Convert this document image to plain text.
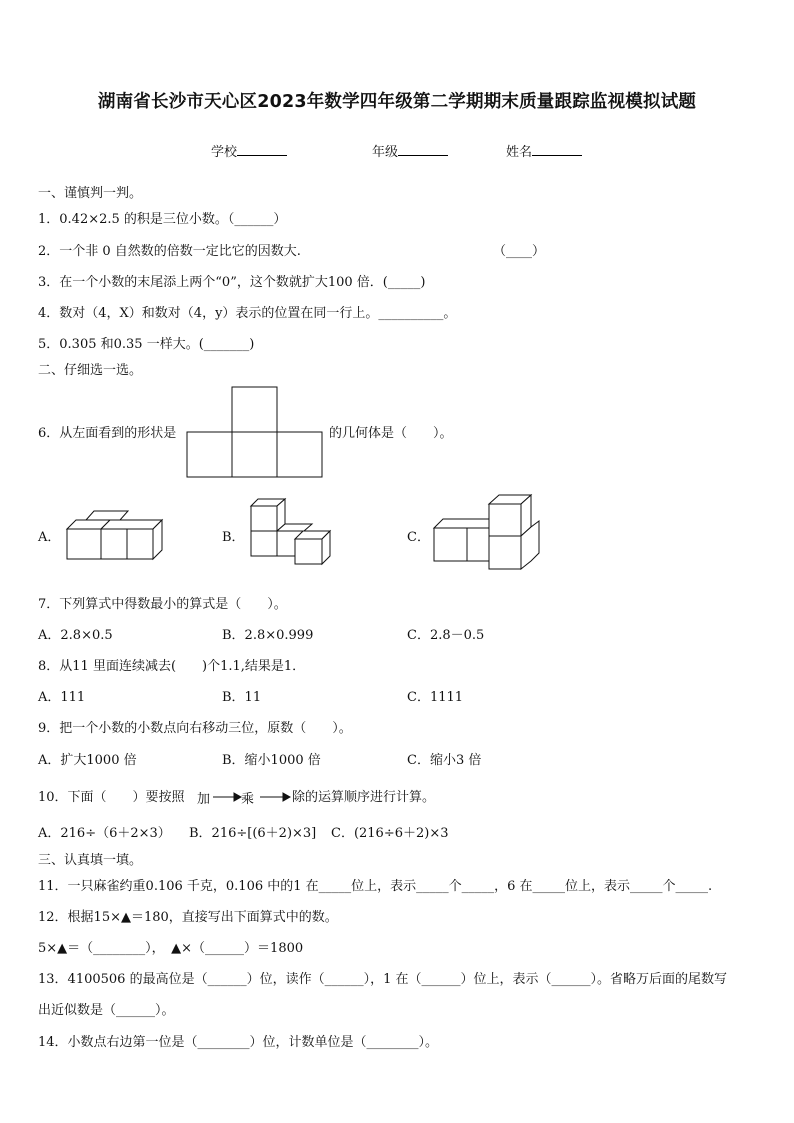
湖南省长沙市天心区2023年数学四年级第二学期期末质量跟踪监视模拟试题
学校	年级	姓名
一、谨慎判一判。
1．0.42×2.5 的积是三位小数。（______）
2．一个非 0 自然数的倍数一定比它的因数大.	（____）
3．在一个小数的末尾添上两个“0”，这个数就扩大100 倍．(_____)
4．数对（4，X）和数对（4，y）表示的位置在同一行上。__________。
5．0.305 和0.35 一样大。(_______)
二、仔细选一选。
6．从左面看到的形状是	的几何体是（　　）。
A．	B．	C．
7．下列算式中得数最小的算式是（　　）。
A．2.8×0.5	B．2.8×0.999	C．2.8－0.5
8．从11 里面连续减去(　　)个1.1,结果是1．
A．111	B．11	C．1111
9．把一个小数的小数点向右移动三位，原数（　　）。
A．扩大1000 倍	B．缩小1000 倍	C．缩小3 倍
10．下面（　　）要按照 加 乘	除的运算顺序进行计算。
A．216÷（6＋2×3） B．216÷[(6＋2)×3] C．(216÷6＋2)×3
三、认真填一填。
11．一只麻雀约重0.106 千克，0.106 中的1 在_____位上，表示_____个_____，6 在_____位上，表示_____个_____.
12．根据15×▲＝180，直接写出下面算式中的数。
5×▲＝（________），　▲×（______）＝1800
13．4100506 的最高位是（______）位，读作（______），1 在（______）位上，表示（______）。省略万后面的尾数写
出近似数是（______）。
14．小数点右边第一位是（________）位，计数单位是（________）。
